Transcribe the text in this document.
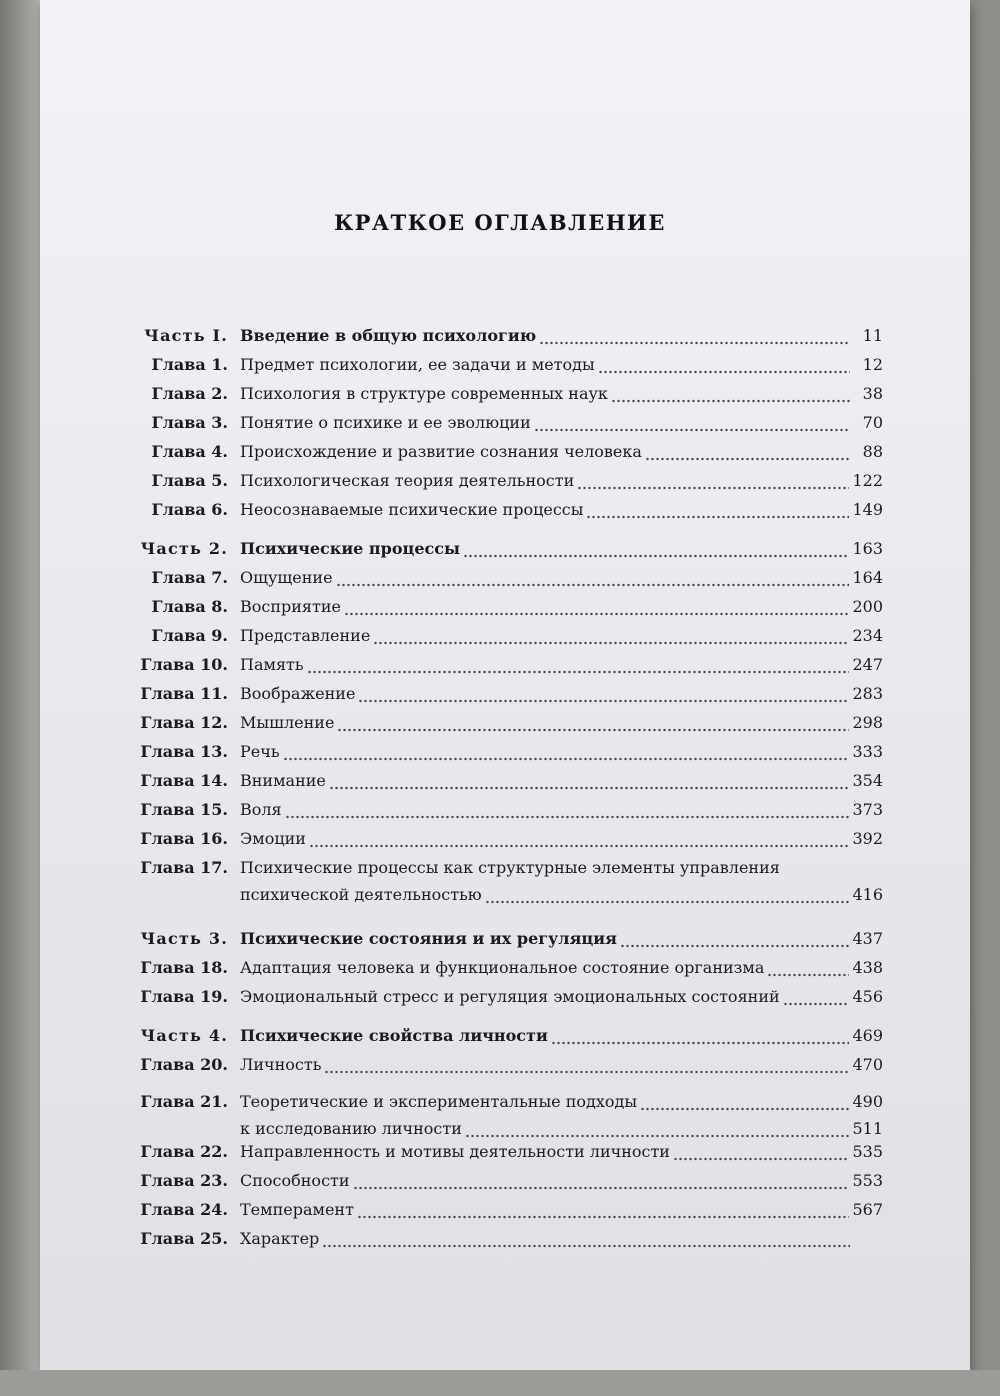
КРАТКОЕ ОГЛАВЛЕНИЕ
Часть I. Введение в общую психологию	11
Глава 1. Предмет психологии, ее задачи и методы	12
Глава 2. Психология в структуре современных наук	38
Глава 3. Понятие о психике и ее эволюции	70
Глава 4. Происхождение и развитие сознания человека	88
Глава 5. Психологическая теория деятельности	122
Глава 6. Неосознаваемые психические процессы	149
Часть 2. Психические процессы	163
Глава 7. Ощущение	164
Глава 8. Восприятие	200
Глава 9. Представление	234
Глава 10. Память	247
Глава 11. Воображение	283
Глава 12. Мышление	298
Глава 13. Речь	333
Глава 14. Внимание	354
Глава 15. Воля	373
Глава 16. Эмоции	392
Глава 17. Психические процессы как структурные элементы управления
психической деятельностью	416
Часть 3. Психические состояния и их регуляция	437
Глава 18. Адаптация человека и функциональное состояние организма	438
Глава 19. Эмоциональный стресс и регуляция эмоциональных состояний	456
Часть 4. Психические свойства личности	469
Глава 20. Личность	470
Глава 21. Теоретические и экспериментальные подходы	490
к исследованию личности	511
Глава 22. Направленность и мотивы деятельности личности	535
Глава 23. Способности	553
Глава 24. Темперамент	567
Глава 25. Характер
